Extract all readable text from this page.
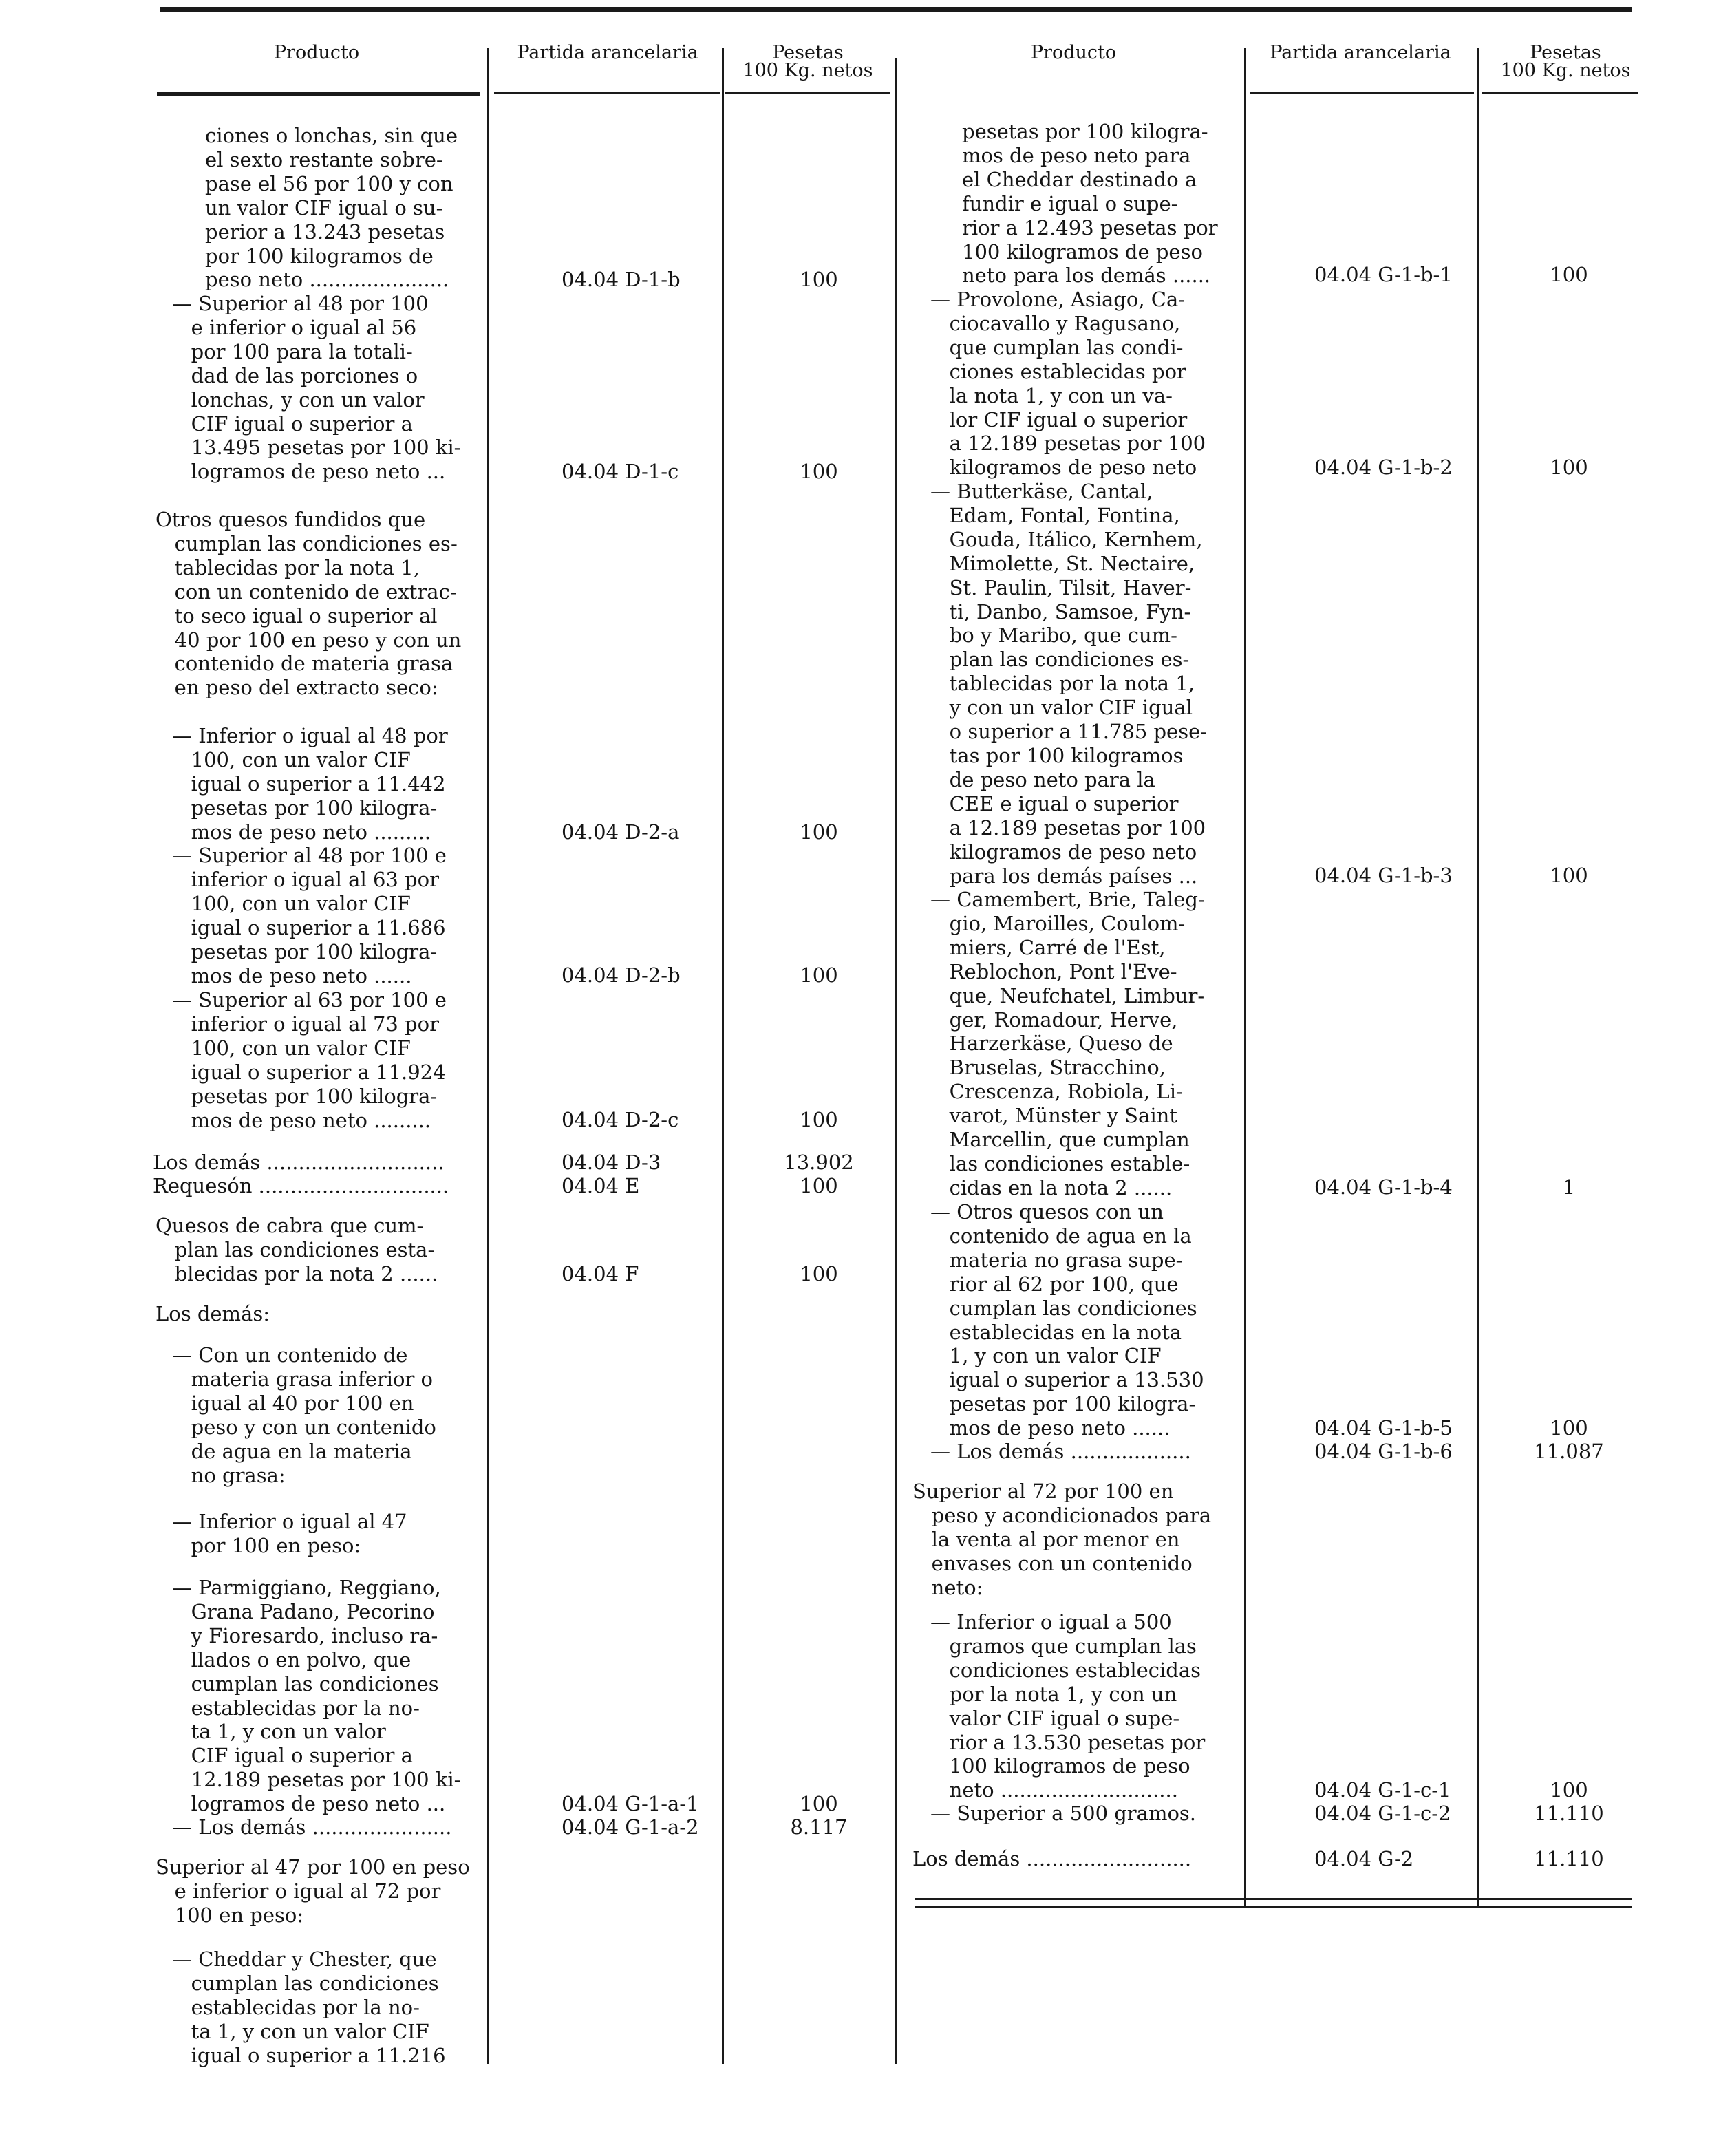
Producto	Partida arancelaria	Pesetas
100 Kg. netos
Producto	Partida arancelaria	Pesetas
100 Kg. netos
ciones o lonchas, sin que
el sexto restante sobre-
pase el 56 por 100 y con
un valor CIF igual o su-
perior a 13.243 pesetas
por 100 kilogramos de
peso neto ......................	04.04 D-1-b	100
— Superior al 48 por 100
e inferior o igual al 56
por 100 para la totali-
dad de las porciones o
lonchas, y con un valor
CIF igual o superior a
13.495 pesetas por 100 ki-
logramos de peso neto ...	04.04 D-1-c	100
Otros quesos fundidos que
cumplan las condiciones es-
tablecidas por la nota 1,
con un contenido de extrac-
to seco igual o superior al
40 por 100 en peso y con un
contenido de materia grasa
en peso del extracto seco:
— Inferior o igual al 48 por
100, con un valor CIF
igual o superior a 11.442
pesetas por 100 kilogra-
mos de peso neto .........	04.04 D-2-a	100
— Superior al 48 por 100 e
inferior o igual al 63 por
100, con un valor CIF
igual o superior a 11.686
pesetas por 100 kilogra-
mos de peso neto ......	04.04 D-2-b	100
— Superior al 63 por 100 e
inferior o igual al 73 por
100, con un valor CIF
igual o superior a 11.924
pesetas por 100 kilogra-
mos de peso neto .........	04.04 D-2-c	100
Los demás ............................	04.04 D-3	13.902
Requesón ..............................	04.04 E	100
Quesos de cabra que cum-
plan las condiciones esta-
blecidas por la nota 2 ......	04.04 F	100
Los demás:
— Con un contenido de
materia grasa inferior o
igual al 40 por 100 en
peso y con un contenido
de agua en la materia
no grasa:
— Inferior o igual al 47
por 100 en peso:
— Parmiggiano, Reggiano,
Grana Padano, Pecorino
y Fioresardo, incluso ra-
llados o en polvo, que
cumplan las condiciones
establecidas por la no-
ta 1, y con un valor
CIF igual o superior a
12.189 pesetas por 100 ki-
logramos de peso neto ...	04.04 G-1-a-1	100
— Los demás ......................	04.04 G-1-a-2	8.117
Superior al 47 por 100 en peso
e inferior o igual al 72 por
100 en peso:
— Cheddar y Chester, que
cumplan las condiciones
establecidas por la no-
ta 1, y con un valor CIF
igual o superior a 11.216
pesetas por 100 kilogra-
mos de peso neto para
el Cheddar destinado a
fundir e igual o supe-
rior a 12.493 pesetas por
100 kilogramos de peso
neto para los demás ......	04.04 G-1-b-1	100
— Provolone, Asiago, Ca-
ciocavallo y Ragusano,
que cumplan las condi-
ciones establecidas por
la nota 1, y con un va-
lor CIF igual o superior
a 12.189 pesetas por 100
kilogramos de peso neto	04.04 G-1-b-2	100
— Butterkäse, Cantal,
Edam, Fontal, Fontina,
Gouda, Itálico, Kernhem,
Mimolette, St. Nectaire,
St. Paulin, Tilsit, Haver-
ti, Danbo, Samsoe, Fyn-
bo y Maribo, que cum-
plan las condiciones es-
tablecidas por la nota 1,
y con un valor CIF igual
o superior a 11.785 pese-
tas por 100 kilogramos
de peso neto para la
CEE e igual o superior
a 12.189 pesetas por 100
kilogramos de peso neto
para los demás países ...	04.04 G-1-b-3	100
— Camembert, Brie, Taleg-
gio, Maroilles, Coulom-
miers, Carré de l'Est,
Reblochon, Pont l'Eve-
que, Neufchatel, Limbur-
ger, Romadour, Herve,
Harzerkäse, Queso de
Bruselas, Stracchino,
Crescenza, Robiola, Li-
varot, Münster y Saint
Marcellin, que cumplan
las condiciones estable-
cidas en la nota 2 ......	04.04 G-1-b-4	1
— Otros quesos con un
contenido de agua en la
materia no grasa supe-
rior al 62 por 100, que
cumplan las condiciones
establecidas en la nota
1, y con un valor CIF
igual o superior a 13.530
pesetas por 100 kilogra-
mos de peso neto ......	04.04 G-1-b-5	100
— Los demás ...................	04.04 G-1-b-6	11.087
Superior al 72 por 100 en
peso y acondicionados para
la venta al por menor en
envases con un contenido
neto:
— Inferior o igual a 500
gramos que cumplan las
condiciones establecidas
por la nota 1, y con un
valor CIF igual o supe-
rior a 13.530 pesetas por
100 kilogramos de peso
neto ............................	04.04 G-1-c-1	100
— Superior a 500 gramos.	04.04 G-1-c-2	11.110
Los demás ..........................	04.04 G-2	11.110
